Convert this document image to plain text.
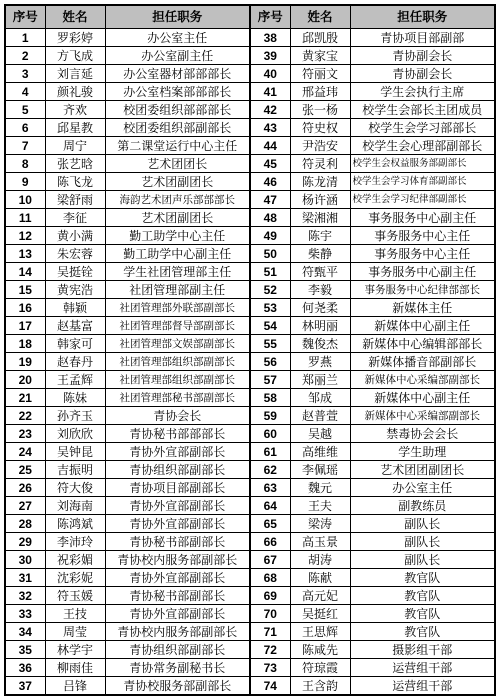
序号	姓名	担任职务	序号	姓名	担任职务
1	罗彩婷	办公室主任	38	邱凯殷	青协项目部副部
2	方飞成	办公室副主任	39	黄家宝	青协副会长
3	刘言延	办公室器材部部部长	40	符丽文	青协副会长
4	颜礼骏	办公室档案部部部长	41	邢益玮	学生会执行主席
5	齐欢	校团委组织部部部长	42	张一杨	校学生会部长主团成员
6	邱星教	校团委组织部副部长	43	符史权	校学生会学习部部长
7	周宁	第二课堂运行中心主任	44	尹浩安	校学生会心理部副部长
8	张艺晗	艺术团团长	45	符灵利	校学生会权益服务部副部长
9	陈飞龙	艺术团副团长	46	陈龙清	校学生会学习体育部副部长
10	梁舒雨	海韵艺术团声乐部部部长	47	杨许涵	校学生会学习纪律部副部长
11	李征	艺术团副团长	48	梁湘湘	事务服务中心副主任
12	黄小满	勤工助学中心主任	49	陈宇	事务服务中心主任
13	朱宏蓉	勤工助学中心副主任	50	柴静	事务服务中心主任
14	吴挺铨	学生社团管理部主任	51	符甄平	事务服务中心副主任
15	黄宪浩	社团管理部副主任	52	李毅	事务服务中心纪律部部长
16	韩颖	社团管理部外联部副部长	53	何尧柔	新媒体主任
17	赵基富	社团管理部督导部副部长	54	林明丽	新媒体中心副主任
18	韩家可	社团管理部文娱部副部长	55	魏俊杰	新媒体中心编辑部部长
19	赵春丹	社团管理部组织部副部长	56	罗燕	新媒体播音部副部长
20	王孟辉	社团管理部组织部副部长	57	郑丽兰	新媒体中心采编部副部长
21	陈妹	社团管理部秘书部副部长	58	邹成	新媒体中心副主任
22	孙齐玉	青协会长	59	赵普萱	新媒体中心采编部副部长
23	刘欣欣	青协秘书部部部长	60	吴越	禁毒协会会长
24	吴钟昆	青协外宣部副部长	61	高维维	学生助理
25	吉振明	青协组织部副部长	62	李佩瑶	艺术团团副团长
26	符大俊	青协项目部副部长	63	魏元	办公室主任
27	刘海南	青协外宣部副部长	64	王夫	副教练员
28	陈鸿斌	青协外宣部副部长	65	梁涛	副队长
29	李沛玲	青协秘书部副部长	66	高玉景	副队长
30	祝彩媚	青协校内服务部副部长	67	胡涛	副队长
31	沈彩妮	青协外宣部副部长	68	陈献	教官队
32	符玉媛	青协秘书部副部长	69	高元妃	教官队
33	王技	青协外宣部副部长	70	吴挺红	教官队
34	周莹	青协校内服务部副部长	71	王思辉	教官队
35	林学宇	青协组织部副部长	72	陈咸先	摄影组干部
36	柳雨佳	青协常务副秘书长	73	符琼霞	运营组干部
37	吕锋	青协校服务部副部长	74	王含韵	运营组干部
